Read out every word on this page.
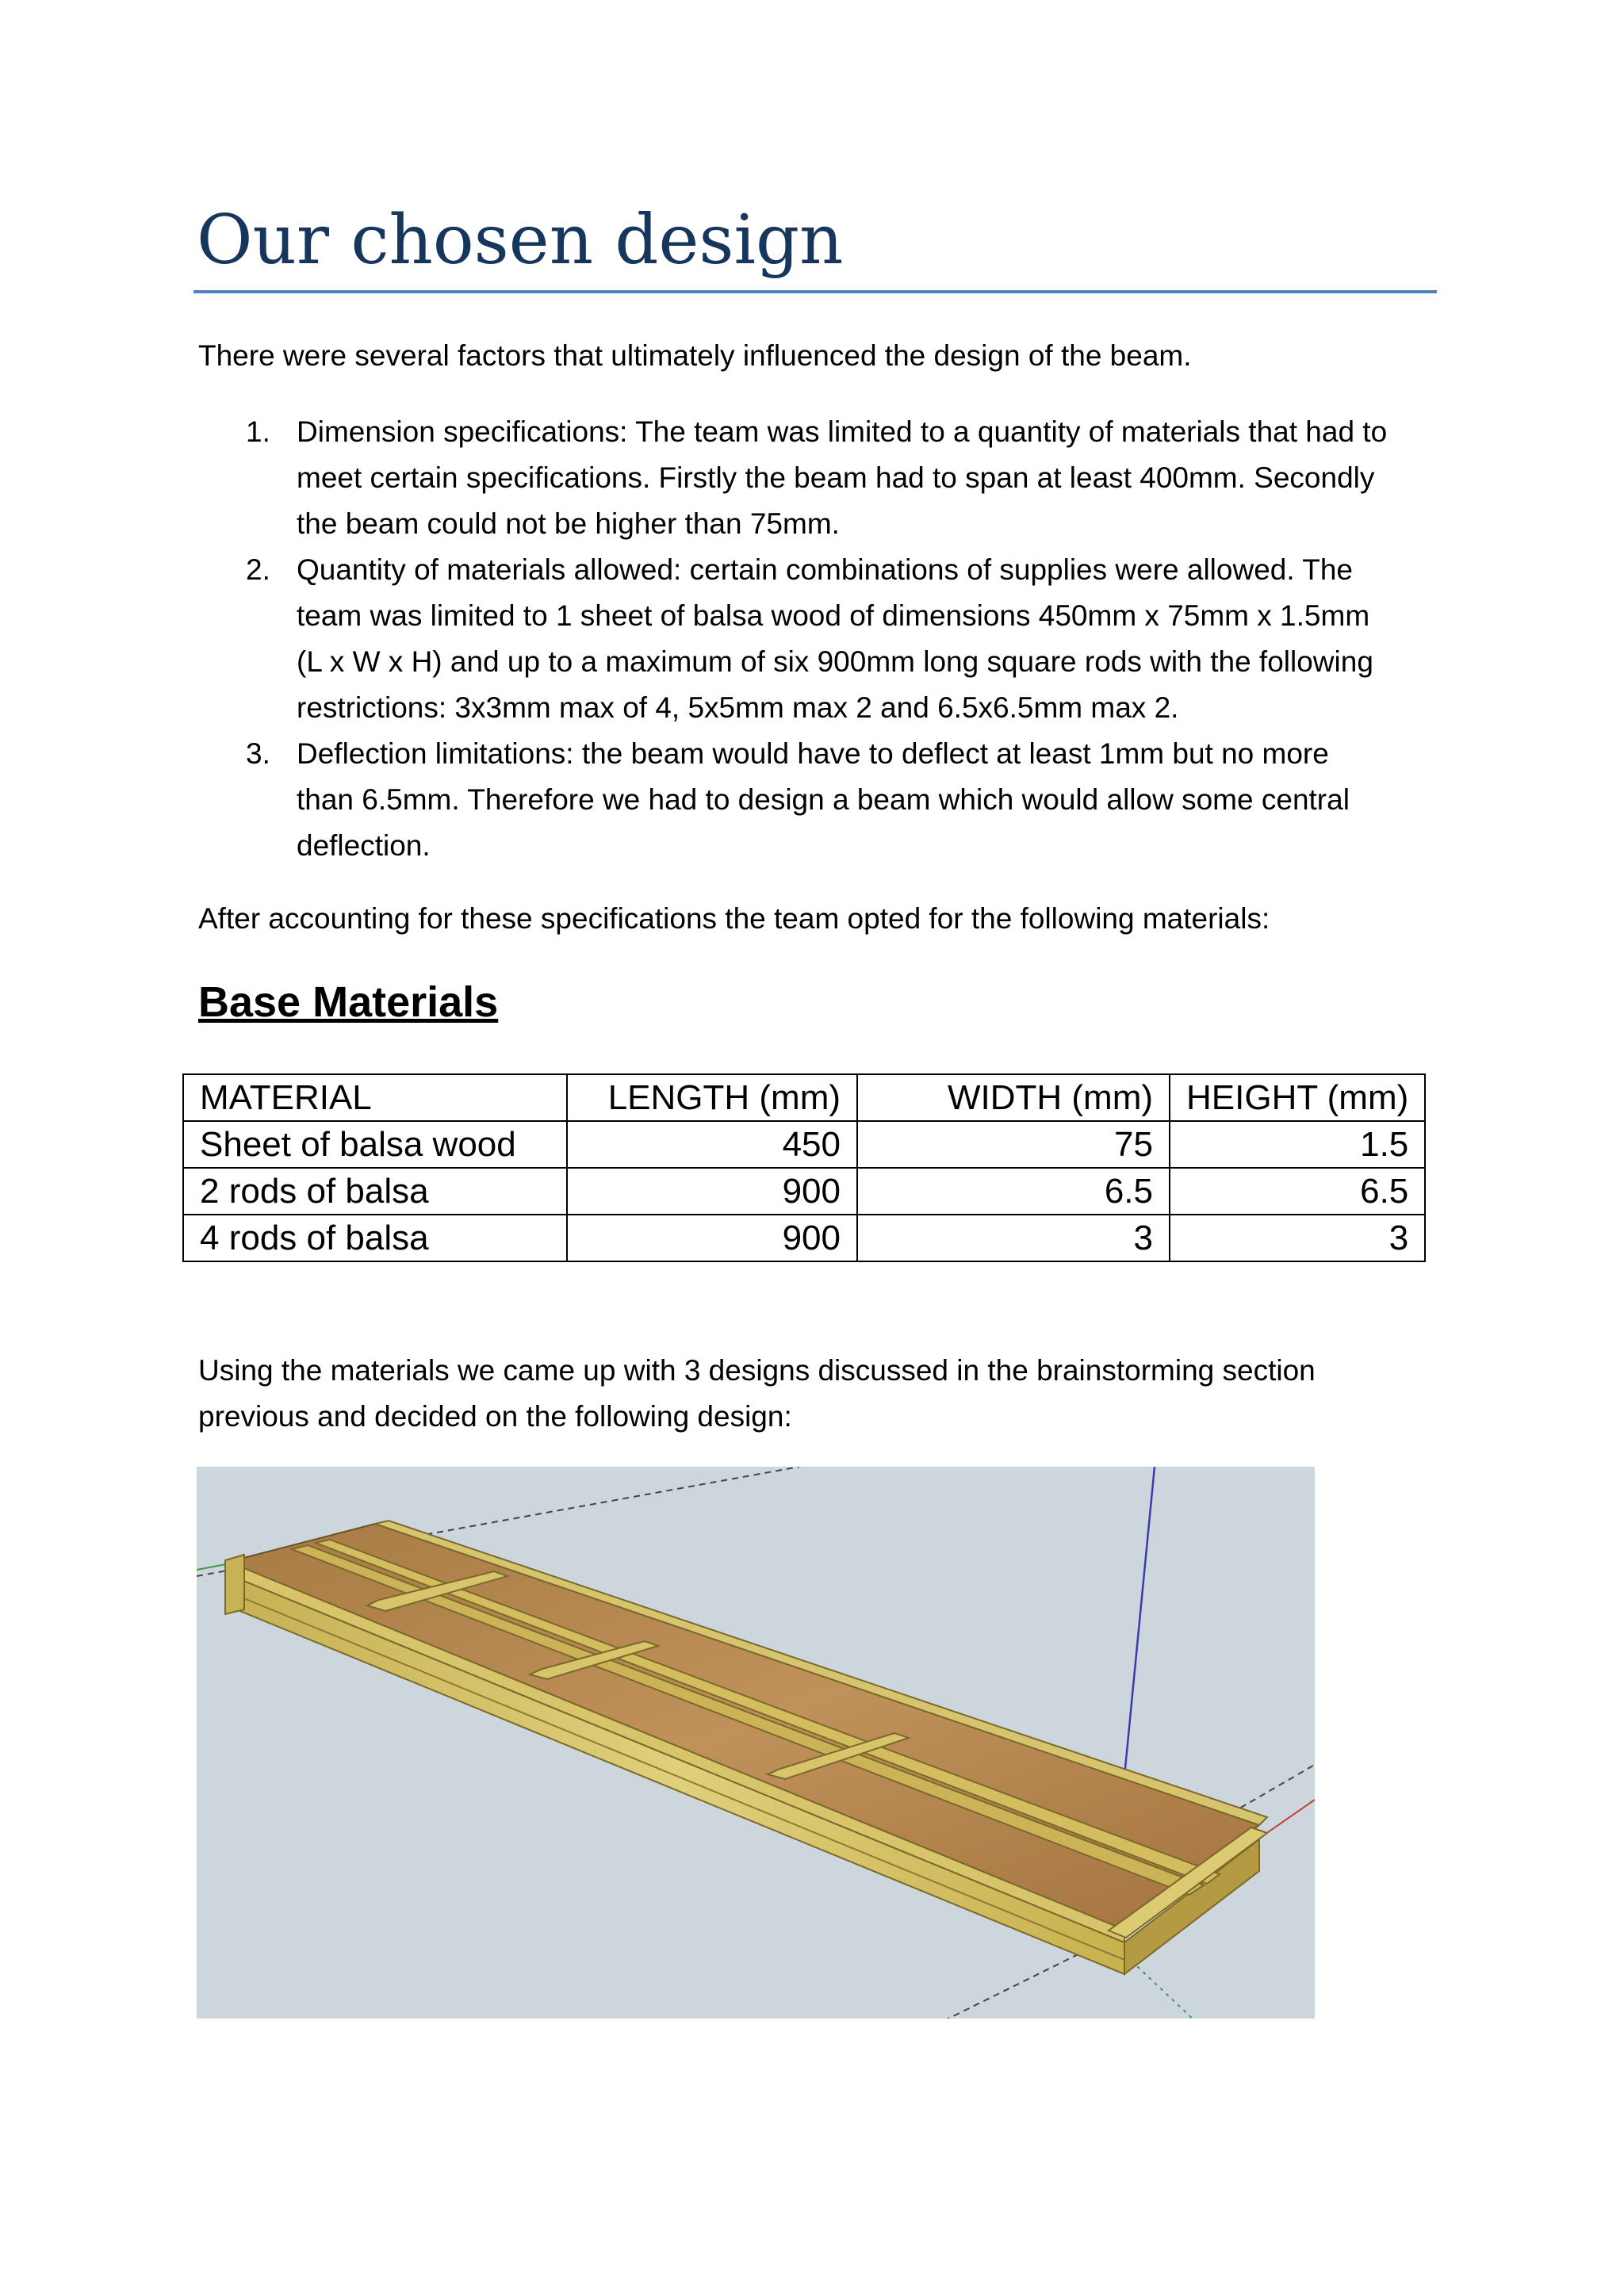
Our chosen design

There were several factors that ultimately influenced the design of the beam.

1. Dimension specifications: The team was limited to a quantity of materials that had to
meet certain specifications. Firstly the beam had to span at least 400mm. Secondly
the beam could not be higher than 75mm.
2. Quantity of materials allowed: certain combinations of supplies were allowed. The
team was limited to 1 sheet of balsa wood of dimensions 450mm x 75mm x 1.5mm
(L x W x H) and up to a maximum of six 900mm long square rods with the following
restrictions: 3x3mm max of 4, 5x5mm max 2 and 6.5x6.5mm max 2.
3. Deflection limitations: the beam would have to deflect at least 1mm but no more
than 6.5mm. Therefore we had to design a beam which would allow some central
deflection.

After accounting for these specifications the team opted for the following materials:

Base Materials
MATERIAL	LENGTH (mm)	WIDTH (mm)	HEIGHT (mm)
Sheet of balsa wood	450	75	1.5
2 rods of balsa	900	6.5	6.5
4 rods of balsa	900	3	3

Using the materials we came up with 3 designs discussed in the brainstorming section

previous and decided on the following design:
